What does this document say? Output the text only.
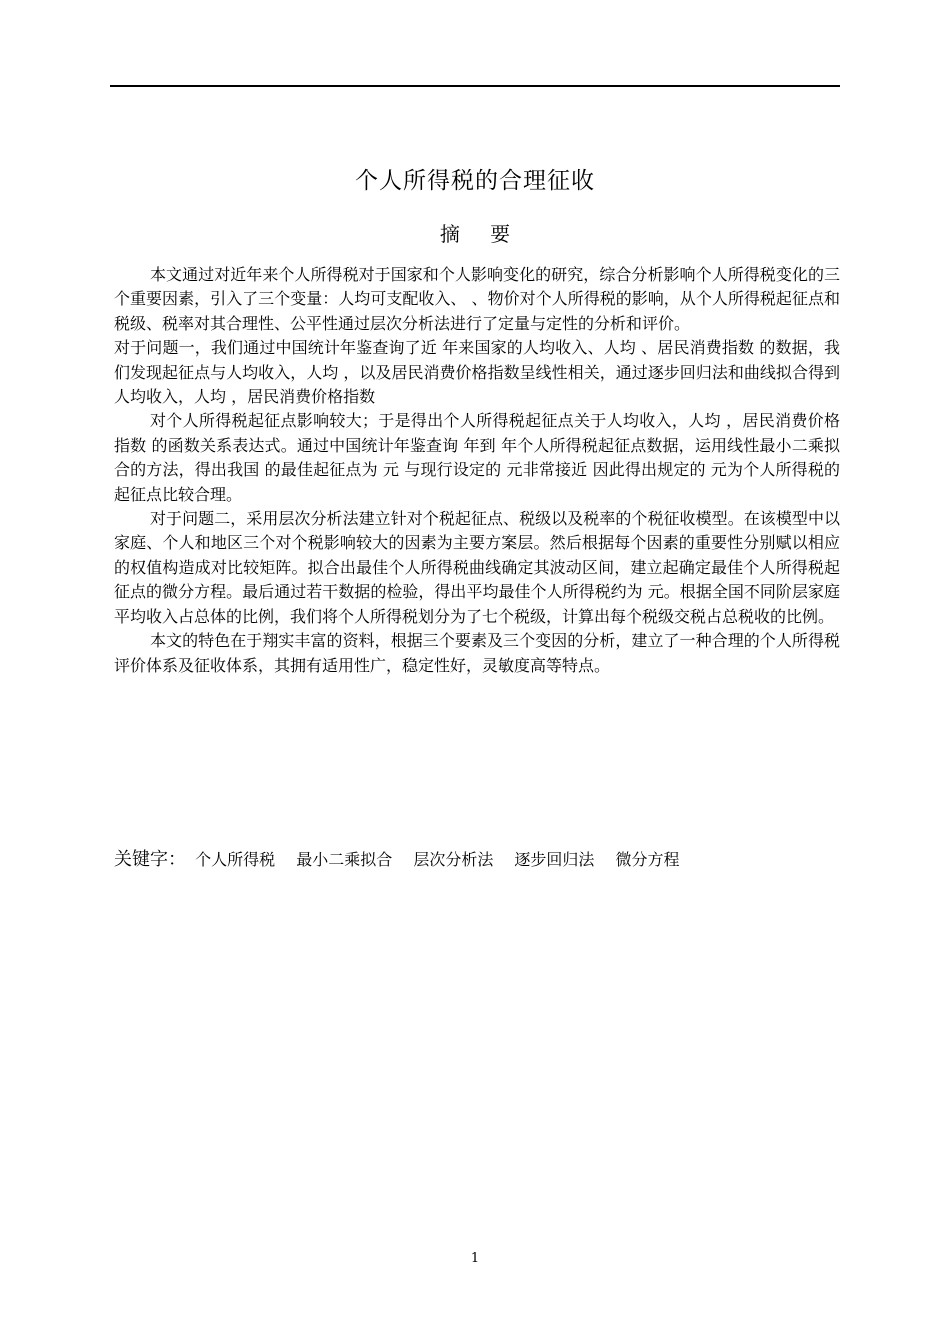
个人所得税的合理征收
摘 要

本文通过对近年来个人所得税对于国家和个人影响变化的研究，综合分析影响个人所得税变化的三个重要因素，引入了三个变量：人均可支配收入、 、物价对个人所得税的影响，从个人所得税起征点和税级、税率对其合理性、公平性通过层次分析法进行了定量与定性的分析和评价。

对于问题一，我们通过中国统计年鉴查询了近 年来国家的人均收入、人均 、居民消费指数 的数据，我们发现起征点与人均收入，人均 ，以及居民消费价格指数呈线性相关，通过逐步回归法和曲线拟合得到人均收入，人均 ，居民消费价格指数

对个人所得税起征点影响较大；于是得出个人所得税起征点关于人均收入，人均 ，居民消费价格指数 的函数关系表达式。通过中国统计年鉴查询 年到 年个人所得税起征点数据，运用线性最小二乘拟合的方法，得出我国 的最佳起征点为 元 与现行设定的 元非常接近 因此得出规定的 元为个人所得税的起征点比较合理。

对于问题二，采用层次分析法建立针对个税起征点、税级以及税率的个税征收模型。在该模型中以家庭、个人和地区三个对个税影响较大的因素为主要方案层。然后根据每个因素的重要性分别赋以相应的权值构造成对比较矩阵。拟合出最佳个人所得税曲线确定其波动区间，建立起确定最佳个人所得税起征点的微分方程。最后通过若干数据的检验，得出平均最佳个人所得税约为 元。根据全国不同阶层家庭平均收入占总体的比例，我们将个人所得税划分为了七个税级，计算出每个税级交税占总税收的比例。

本文的特色在于翔实丰富的资料，根据三个要素及三个变因的分析，建立了一种合理的个人所得税评价体系及征收体系，其拥有适用性广，稳定性好，灵敏度高等特点。

关键字： 个人所得税 最小二乘拟合 层次分析法 逐步回归法 微分方程
1
